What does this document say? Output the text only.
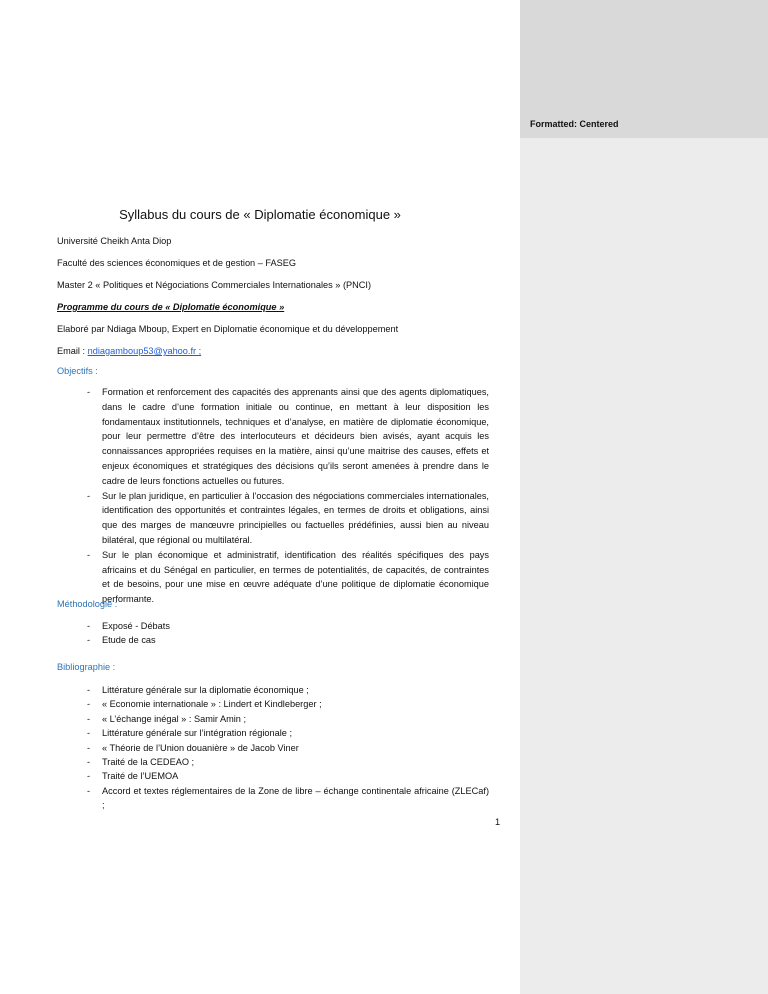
Syllabus du cours de « Diplomatie économique »
Université Cheikh Anta Diop
Faculté des sciences économiques et de gestion – FASEG
Master 2 « Politiques et Négociations Commerciales Internationales » (PNCI)
Programme du cours de « Diplomatie économique »
Elaboré par Ndiaga Mboup, Expert en Diplomatie économique et du développement
Email : ndiagamboup53@yahoo.fr ;
Objectifs :
- Formation et renforcement des capacités des apprenants ainsi que des agents diplomatiques, dans le cadre d’une formation initiale ou continue, en mettant à leur disposition les fondamentaux institutionnels, techniques et d’analyse, en matière de diplomatie économique, pour leur permettre d’être des interlocuteurs et décideurs bien avisés, ayant acquis les connaissances appropriées requises en la matière, ainsi qu’une maitrise des causes, effets et enjeux économiques et stratégiques des décisions qu’ils seront amenées à prendre dans le cadre de leurs fonctions actuelles ou futures.
- Sur le plan juridique, en particulier à l’occasion des négociations commerciales internationales, identification des opportunités et contraintes légales, en termes de droits et obligations, ainsi que des marges de manœuvre principielles ou factuelles prédéfinies, aussi bien au niveau bilatéral, que régional ou multilatéral.
- Sur le plan économique et administratif, identification des réalités spécifiques des pays africains et du Sénégal en particulier, en termes de potentialités, de capacités, de contraintes et de besoins, pour une mise en œuvre adéquate d’une politique de diplomatie économique performante.
Méthodologie :
- Exposé - Débats
- Etude de cas
Bibliographie :
- Littérature générale sur la diplomatie économique ;
- « Economie internationale » : Lindert et Kindleberger ;
- « L’échange inégal » : Samir Amin ;
- Littérature générale sur l’intégration régionale ;
- « Théorie de l’Union douanière » de Jacob Viner
- Traité de la CEDEAO ;
- Traité de l’UEMOA
- Accord et textes réglementaires de la Zone de libre – échange continentale africaine (ZLECaf) ;
1
Formatted: Centered
